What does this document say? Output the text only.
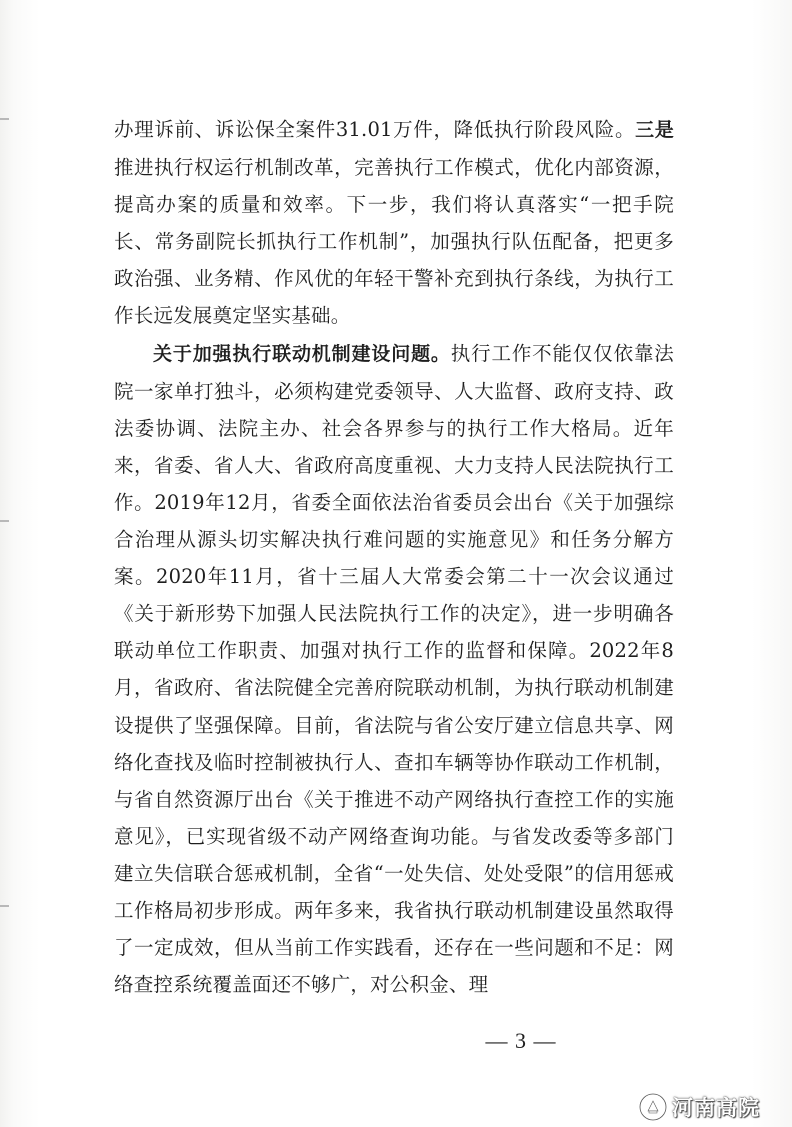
办理诉前、诉讼保全案件31.01万件，降低执行阶段风险。三是推进执行权运行机制改革，完善执行工作模式，优化内部资源，提高办案的质量和效率。下一步，我们将认真落实“一把手院长、常务副院长抓执行工作机制”，加强执行队伍配备，把更多政治强、业务精、作风优的年轻干警补充到执行条线，为执行工作长远发展奠定坚实基础。

关于加强执行联动机制建设问题。执行工作不能仅仅依靠法院一家单打独斗，必须构建党委领导、人大监督、政府支持、政法委协调、法院主办、社会各界参与的执行工作大格局。近年来，省委、省人大、省政府高度重视、大力支持人民法院执行工作。2019年12月，省委全面依法治省委员会出台《关于加强综合治理从源头切实解决执行难问题的实施意见》和任务分解方案。2020年11月，省十三届人大常委会第二十一次会议通过《关于新形势下加强人民法院执行工作的决定》，进一步明确各联动单位工作职责、加强对执行工作的监督和保障。2022年8月，省政府、省法院健全完善府院联动机制，为执行联动机制建设提供了坚强保障。目前，省法院与省公安厅建立信息共享、网络化查找及临时控制被执行人、查扣车辆等协作联动工作机制，与省自然资源厅出台《关于推进不动产网络执行查控工作的实施意见》，已实现省级不动产网络查询功能。与省发改委等多部门建立失信联合惩戒机制，全省“一处失信、处处受限”的信用惩戒工作格局初步形成。两年多来，我省执行联动机制建设虽然取得了一定成效，但从当前工作实践看，还存在一些问题和不足：网络查控系统覆盖面还不够广，对公积金、理

— 3 —
河南高院
